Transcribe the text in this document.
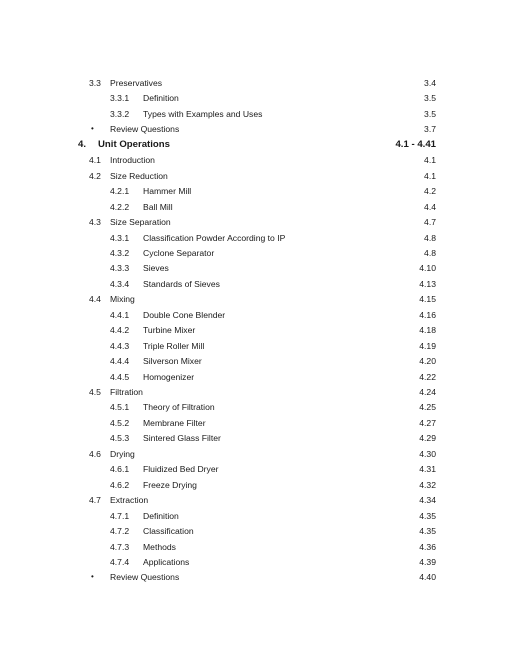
3.3 Preservatives	3.4
3.3.1 Definition	3.5
3.3.2 Types with Examples and Uses	3.5
• Review Questions	3.7
4. Unit Operations	4.1 - 4.41
4.1 Introduction	4.1
4.2 Size Reduction	4.1
4.2.1 Hammer Mill	4.2
4.2.2 Ball Mill	4.4
4.3 Size Separation	4.7
4.3.1 Classification Powder According to IP	4.8
4.3.2 Cyclone Separator	4.8
4.3.3 Sieves	4.10
4.3.4 Standards of Sieves	4.13
4.4 Mixing	4.15
4.4.1 Double Cone Blender	4.16
4.4.2 Turbine Mixer	4.18
4.4.3 Triple Roller Mill	4.19
4.4.4 Silverson Mixer	4.20
4.4.5 Homogenizer	4.22
4.5 Filtration	4.24
4.5.1 Theory of Filtration	4.25
4.5.2 Membrane Filter	4.27
4.5.3 Sintered Glass Filter	4.29
4.6 Drying	4.30
4.6.1 Fluidized Bed Dryer	4.31
4.6.2 Freeze Drying	4.32
4.7 Extraction	4.34
4.7.1 Definition	4.35
4.7.2 Classification	4.35
4.7.3 Methods	4.36
4.7.4 Applications	4.39
• Review Questions	4.40
